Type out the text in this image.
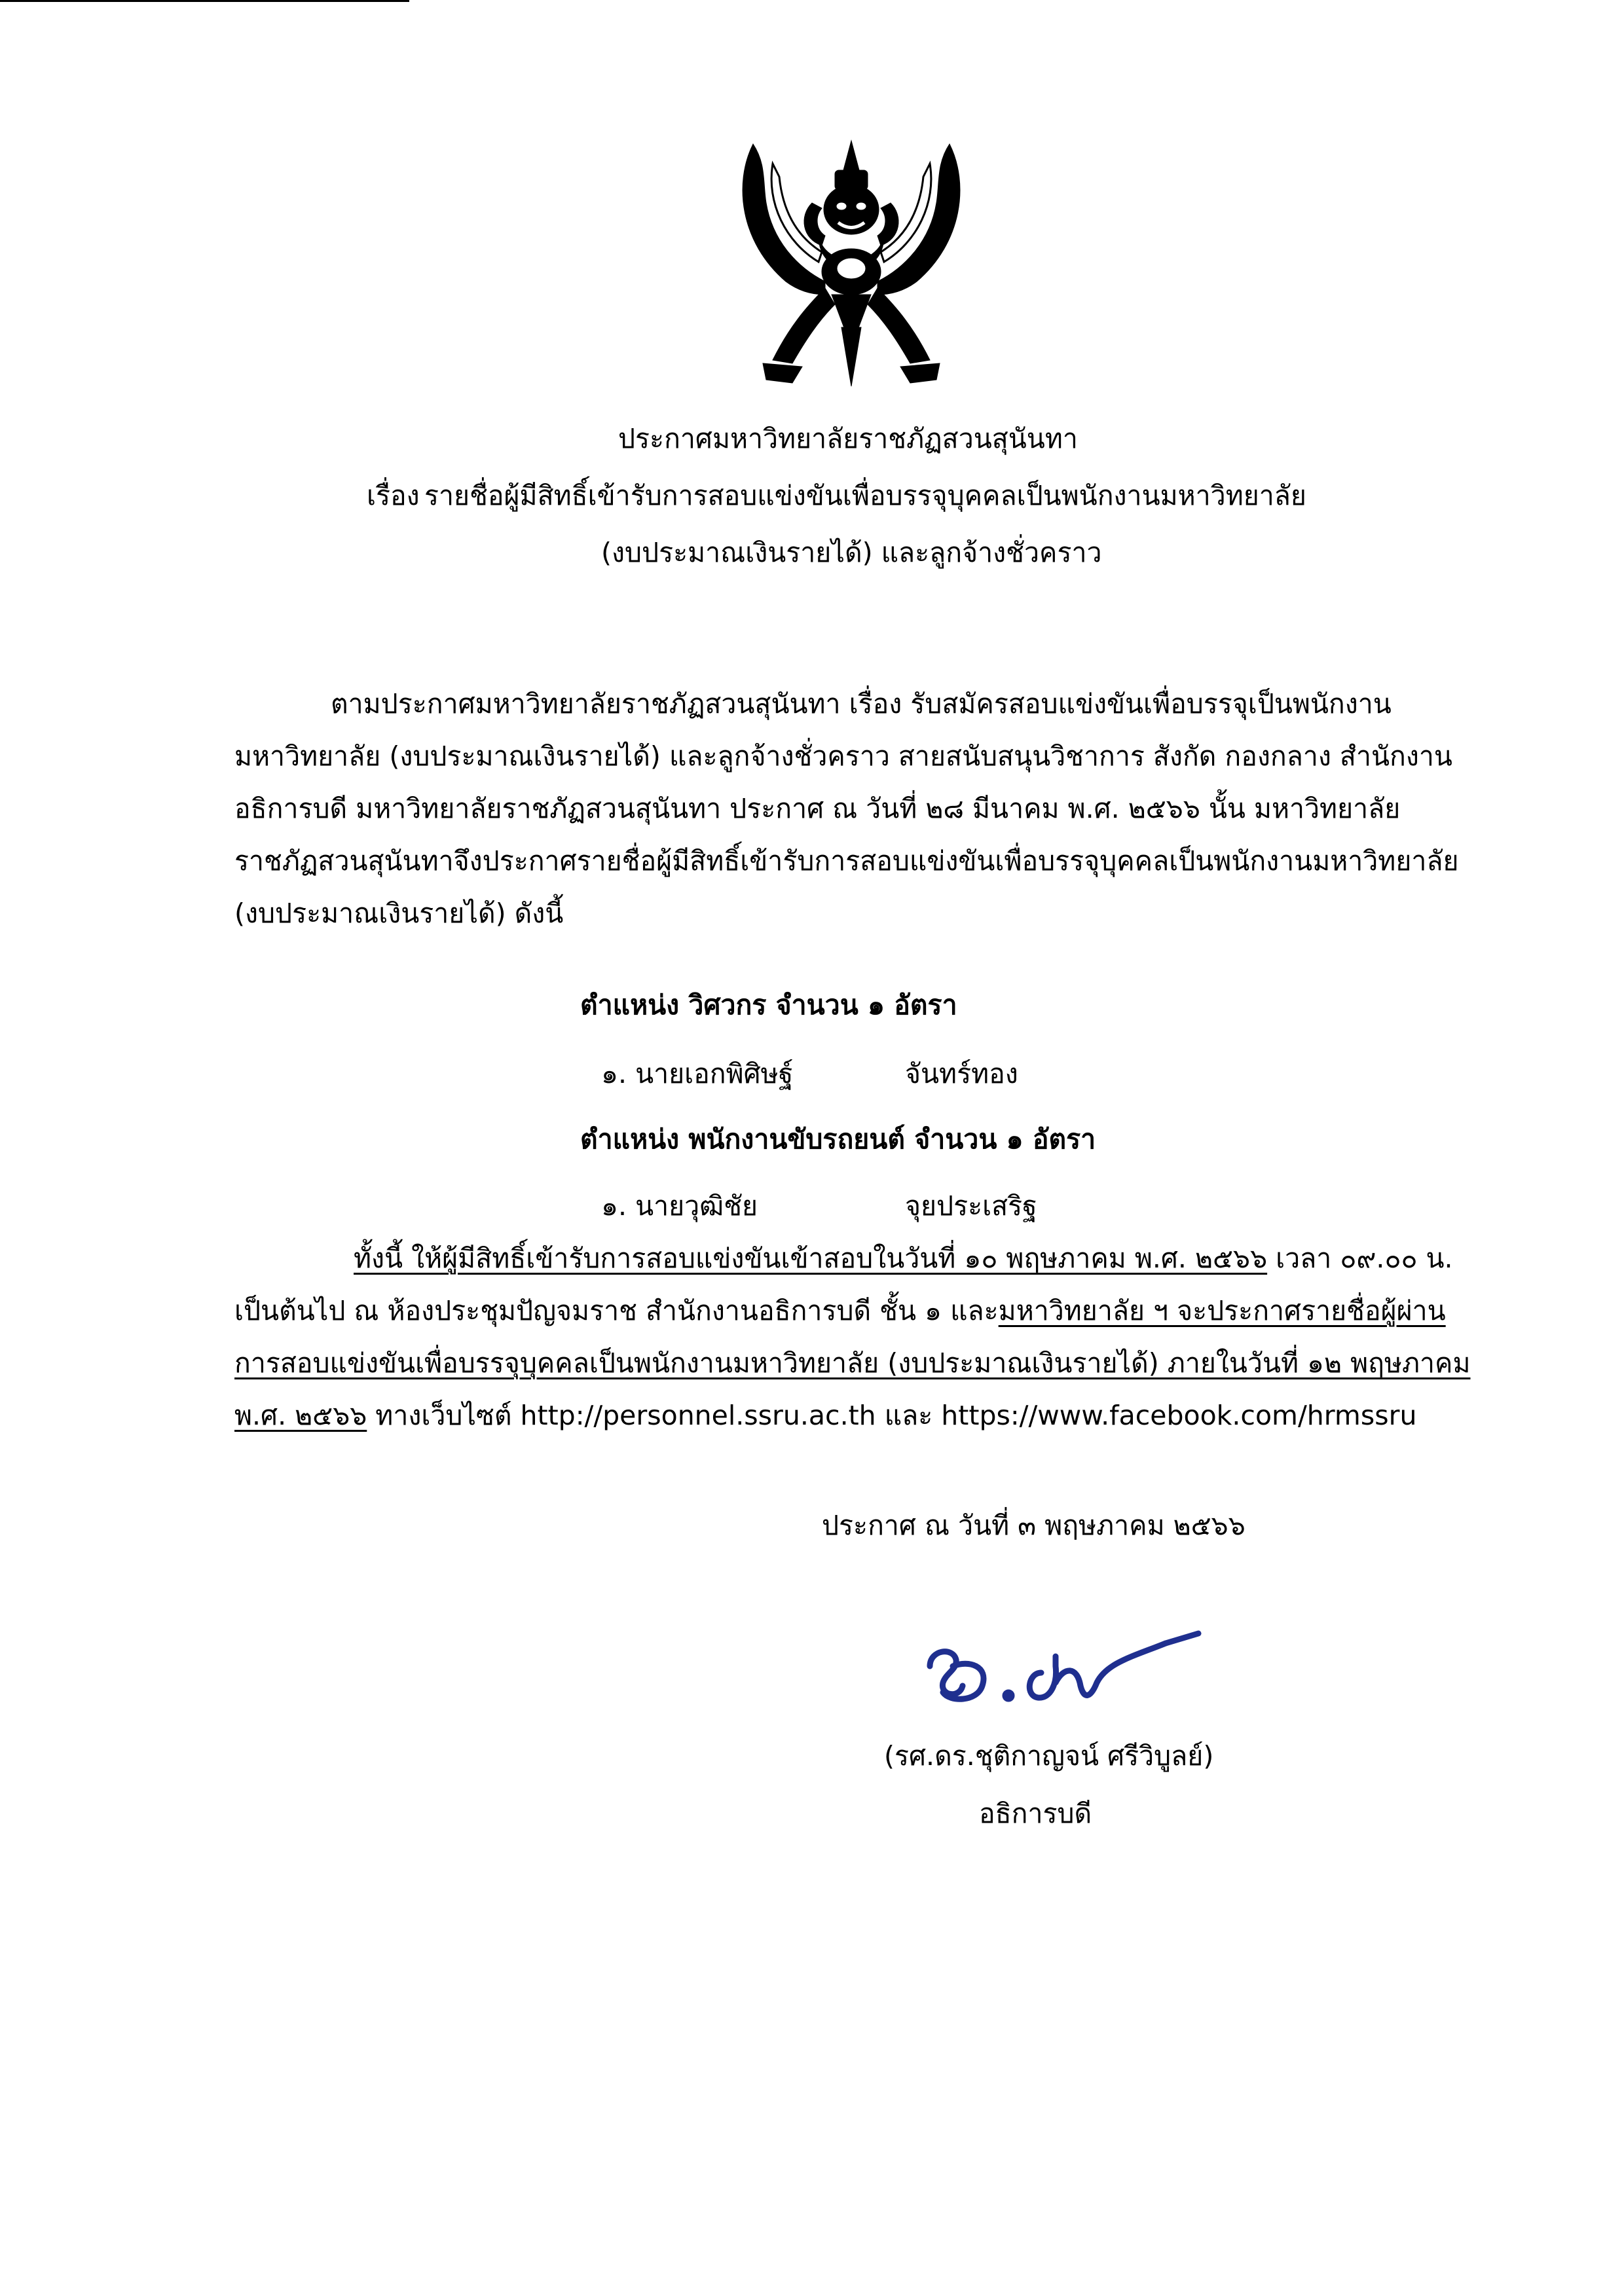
ประกาศมหาวิทยาลัยราชภัฏสวนสุนันทา
เรื่อง รายชื่อผู้มีสิทธิ์เข้ารับการสอบแข่งขันเพื่อบรรจุบุคคลเป็นพนักงานมหาวิทยาลัย
(งบประมาณเงินรายได้) และลูกจ้างชั่วคราว
ตามประกาศมหาวิทยาลัยราชภัฏสวนสุนันทา เรื่อง รับสมัครสอบแข่งขันเพื่อบรรจุเป็นพนักงาน
มหาวิทยาลัย (งบประมาณเงินรายได้) และลูกจ้างชั่วคราว สายสนับสนุนวิชาการ สังกัด กองกลาง สำนักงาน
อธิการบดี มหาวิทยาลัยราชภัฏสวนสุนันทา ประกาศ ณ วันที่ ๒๘ มีนาคม พ.ศ. ๒๕๖๖ นั้น มหาวิทยาลัย
ราชภัฏสวนสุนันทาจึงประกาศรายชื่อผู้มีสิทธิ์เข้ารับการสอบแข่งขันเพื่อบรรจุบุคคลเป็นพนักงานมหาวิทยาลัย
(งบประมาณเงินรายได้) ดังนี้
ตำแหน่ง วิศวกร จำนวน ๑ อัตรา
๑. นายเอกพิศิษฐ์	จันทร์ทอง
ตำแหน่ง พนักงานขับรถยนต์ จำนวน ๑ อัตรา
๑. นายวุฒิชัย	จุยประเสริฐ
ทั้งนี้ ให้ผู้มีสิทธิ์เข้ารับการสอบแข่งขันเข้าสอบในวันที่ ๑๐ พฤษภาคม พ.ศ. ๒๕๖๖ เวลา ๐๙.๐๐ น.
เป็นต้นไป ณ ห้องประชุมปัญจมราช สำนักงานอธิการบดี ชั้น ๑ และมหาวิทยาลัย ฯ จะประกาศรายชื่อผู้ผ่าน
การสอบแข่งขันเพื่อบรรจุบุคคลเป็นพนักงานมหาวิทยาลัย (งบประมาณเงินรายได้) ภายในวันที่ ๑๒ พฤษภาคม
พ.ศ. ๒๕๖๖ ทางเว็บไซต์ http://personnel.ssru.ac.th และ https://www.facebook.com/hrmssru
ประกาศ ณ วันที่ ๓ พฤษภาคม ๒๕๖๖
(รศ.ดร.ชุติกาญจน์ ศรีวิบูลย์)
อธิการบดี
